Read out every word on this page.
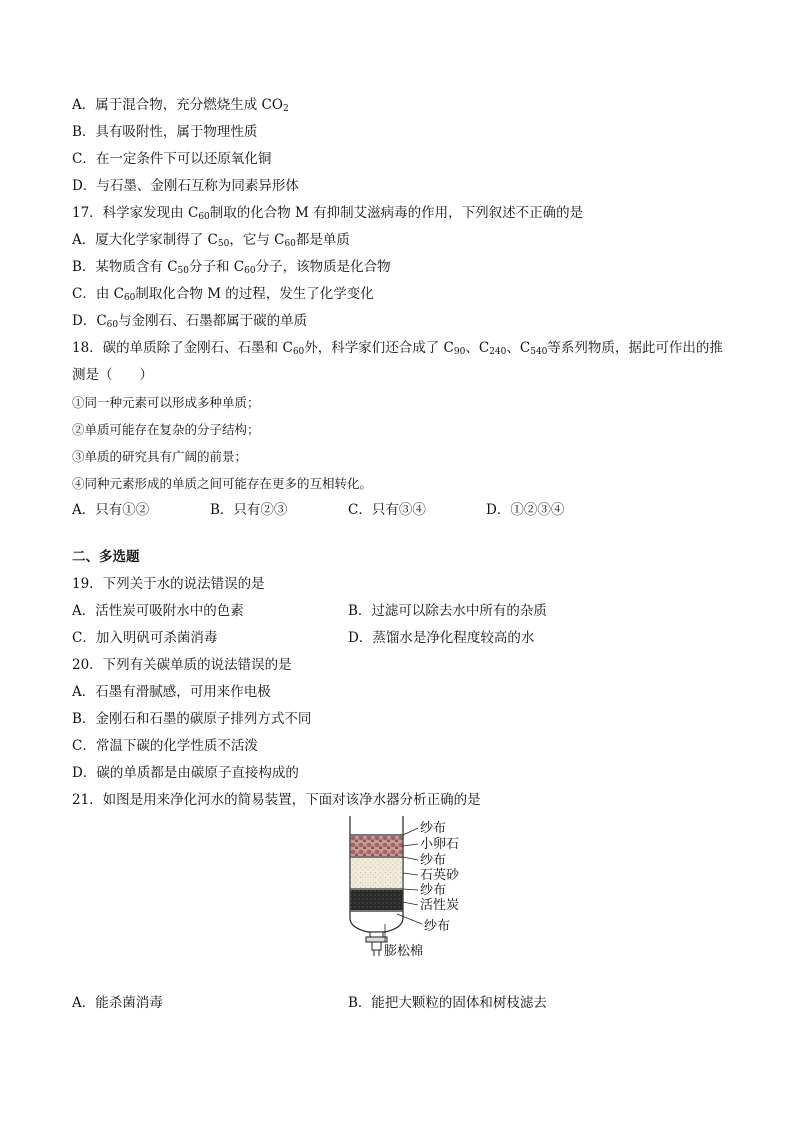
A．属于混合物，充分燃烧生成 $CO_2$
B．具有吸附性，属于物理性质
C．在一定条件下可以还原氧化铜
D．与石墨、金刚石互称为同素异形体
17．科学家发现由 $C_{60}$制取的化合物 M 有抑制艾滋病毒的作用，下列叙述不正确的是
A．厦大化学家制得了 $C_{50}$，它与 $C_{60}$都是单质
B．某物质含有 $C_{50}$分子和 $C_{60}$分子，该物质是化合物
C．由 $C_{60}$制取化合物 M 的过程，发生了化学变化
D．$C_{60}$与金刚石、石墨都属于碳的单质
18．碳的单质除了金刚石、石墨和 $C_{60}$外，科学家们还合成了 $C_{90}$、$C_{240}$、$C_{540}$等系列物质，据此可作出的推测是（　　）
①同一种元素可以形成多种单质；
②单质可能存在复杂的分子结构；
③单质的研究具有广阔的前景；
④同种元素形成的单质之间可能存在更多的互相转化。
A．只有①②	B．只有②③	C．只有③④	D．①②③④
二、多选题
19．下列关于水的说法错误的是
A．活性炭可吸附水中的色素	B．过滤可以除去水中所有的杂质
C．加入明矾可杀菌消毒	D．蒸馏水是净化程度较高的水
20．下列有关碳单质的说法错误的是
A．石墨有滑腻感，可用来作电极
B．金刚石和石墨的碳原子排列方式不同
C．常温下碳的化学性质不活泼
D．碳的单质都是由碳原子直接构成的
21．如图是用来净化河水的简易装置，下面对该净水器分析正确的是
纱布
小卵石
纱布
石英砂
纱布
活性炭
纱布
膨松棉
A．能杀菌消毒	B．能把大颗粒的固体和树枝滤去
